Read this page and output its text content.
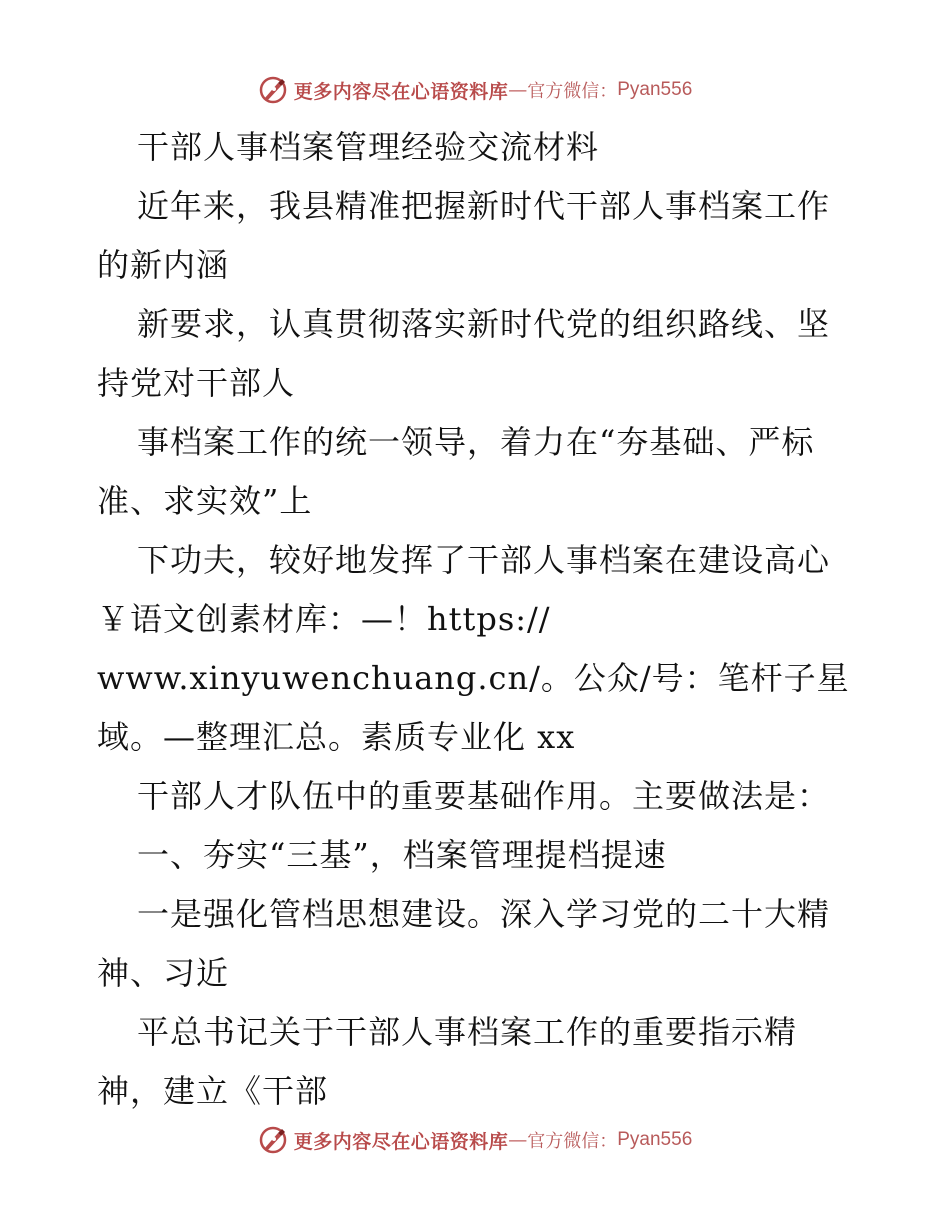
更多内容尽在心语资料库 — 官方微信： Pyan556
干部人事档案管理经验交流材料
近年来，我县精准把握新时代干部人事档案工作
的新内涵
新要求，认真贯彻落实新时代党的组织路线、坚
持党对干部人
事档案工作的统一领导，着力在“夯基础、严标
准、求实效”上
下功夫，较好地发挥了干部人事档案在建设高心
￥语文创素材库：—！https://
www.xinyuwenchuang.cn/。公众/号：笔杆子星
域。—整理汇总。素质专业化 xx
干部人才队伍中的重要基础作用。主要做法是：
一、夯实“三基”，档案管理提档提速
一是强化管档思想建设。深入学习党的二十大精
神、习近
平总书记关于干部人事档案工作的重要指示精
神，建立《干部
更多内容尽在心语资料库 — 官方微信： Pyan556
